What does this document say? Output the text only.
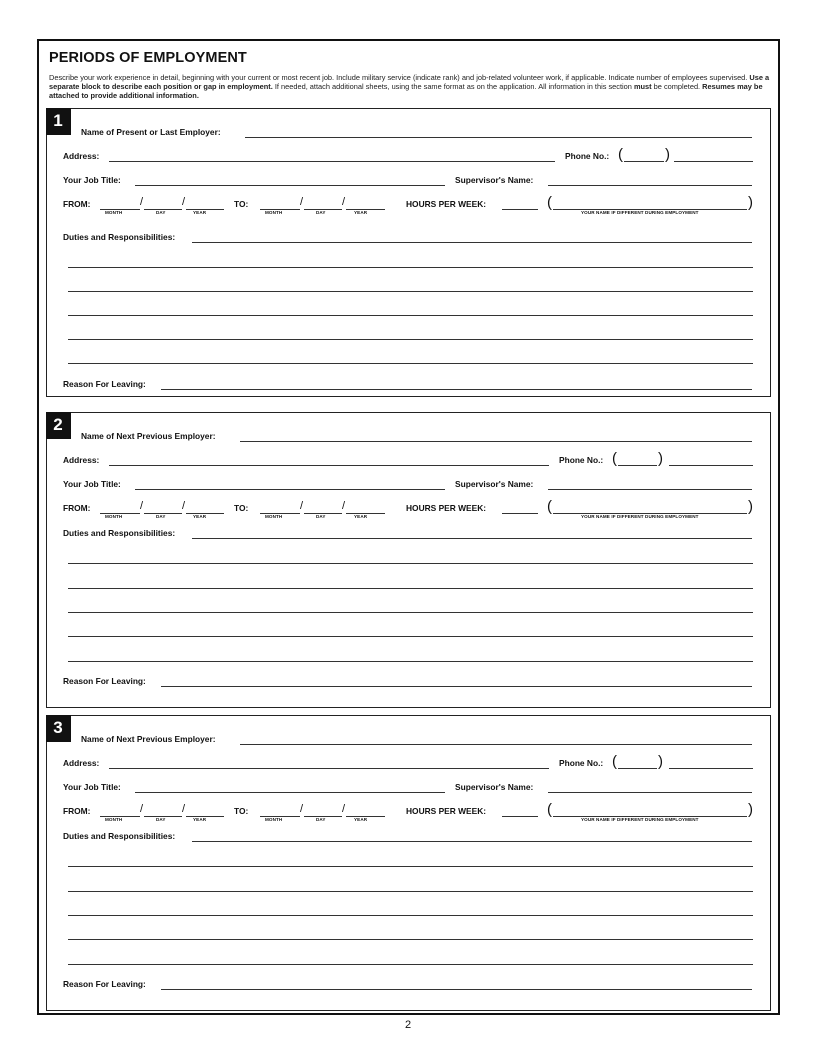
PERIODS OF EMPLOYMENT
Describe your work experience in detail, beginning with your current or most recent job. Include military service (indicate rank) and job-related volunteer work, if applicable. Indicate number of employees supervised. Use a separate block to describe each position or gap in employment. If needed, attach additional sheets, using the same format as on the application. All information in this section must be completed. Resumes may be attached to provide additional information.
1
Name of Present or Last Employer:
Address:	Phone No.: (	)
Your Job Title:	Supervisor's Name:
FROM:	/	/
MONTH	DAY	YEAR
TO:	/	/
MONTH	DAY	YEAR
HOURS PER WEEK:	(	)
YOUR NAME IF DIFFERENT DURING EMPLOYMENT
Duties and Responsibilities:
Reason For Leaving:
2
Name of Next Previous Employer:
Address:	Phone No.: (	)
Your Job Title:	Supervisor's Name:
FROM:	/	/
MONTH	DAY	YEAR
TO:	/	/
MONTH	DAY	YEAR
HOURS PER WEEK:	(	)
YOUR NAME IF DIFFERENT DURING EMPLOYMENT
Duties and Responsibilities:
Reason For Leaving:
3
Name of Next Previous Employer:
Address:	Phone No.: (	)
Your Job Title:	Supervisor's Name:
FROM:	/	/
MONTH	DAY	YEAR
TO:	/	/
MONTH	DAY	YEAR
HOURS PER WEEK:	(	)
YOUR NAME IF DIFFERENT DURING EMPLOYMENT
Duties and Responsibilities:
Reason For Leaving:
2
